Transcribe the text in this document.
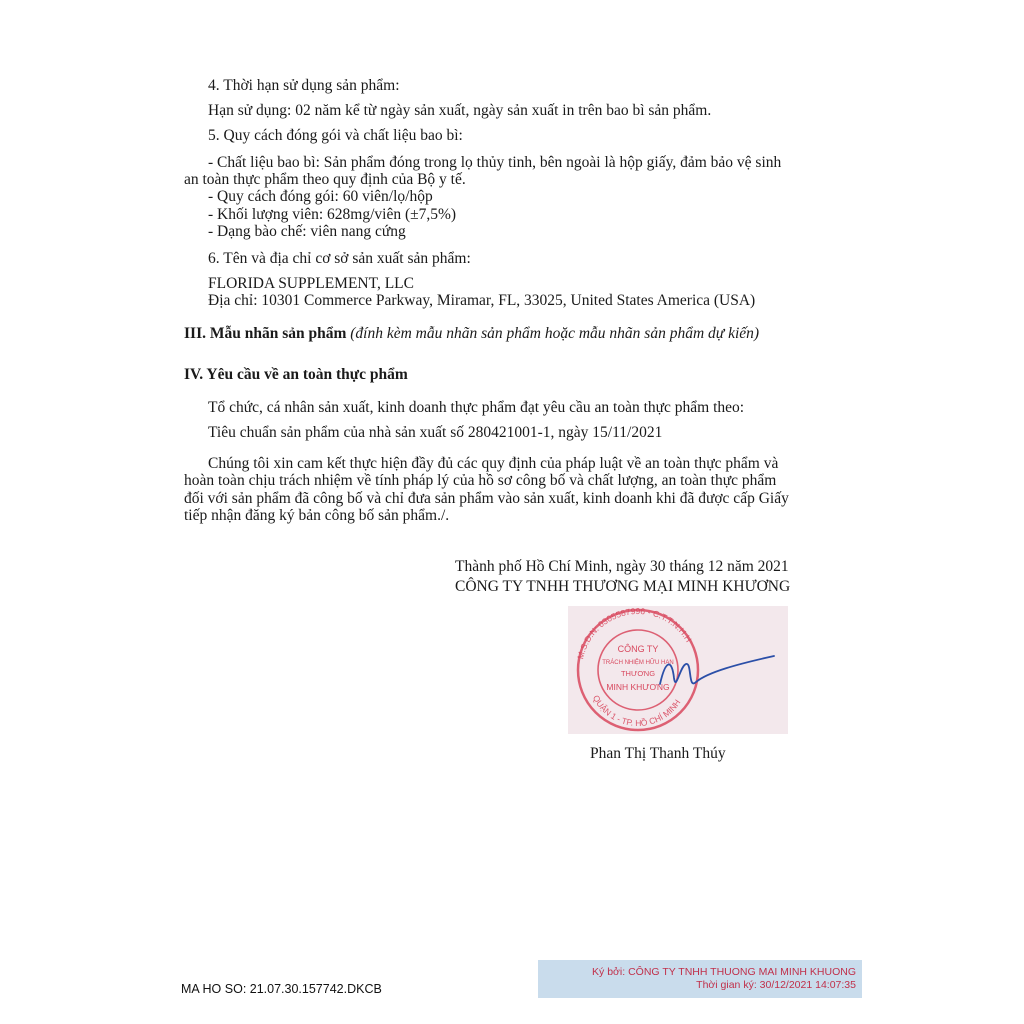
4. Thời hạn sử dụng sản phẩm:
Hạn sử dụng: 02 năm kể từ ngày sản xuất, ngày sản xuất in trên bao bì sản phẩm.
5. Quy cách đóng gói và chất liệu bao bì:
- Chất liệu bao bì: Sản phẩm đóng trong lọ thủy tinh, bên ngoài là hộp giấy, đảm bảo vệ sinh
an toàn thực phẩm theo quy định của Bộ y tế.
- Quy cách đóng gói: 60 viên/lọ/hộp
- Khối lượng viên: 628mg/viên (±7,5%)
- Dạng bào chế: viên nang cứng
6. Tên và địa chỉ cơ sở sản xuất sản phẩm:
FLORIDA SUPPLEMENT, LLC
Địa chỉ: 10301 Commerce Parkway, Miramar, FL, 33025, United States America (USA)
III. Mẫu nhãn sản phẩm (đính kèm mẫu nhãn sản phẩm hoặc mẫu nhãn sản phẩm dự kiến)
IV. Yêu cầu về an toàn thực phẩm
Tổ chức, cá nhân sản xuất, kinh doanh thực phẩm đạt yêu cầu an toàn thực phẩm theo:
Tiêu chuẩn sản phẩm của nhà sản xuất số 280421001-1, ngày 15/11/2021
Chúng tôi xin cam kết thực hiện đầy đủ các quy định của pháp luật về an toàn thực phẩm và
hoàn toàn chịu trách nhiệm về tính pháp lý của hồ sơ công bố và chất lượng, an toàn thực phẩm
đối với sản phẩm đã công bố và chỉ đưa sản phẩm vào sản xuất, kinh doanh khi đã được cấp Giấy
tiếp nhận đăng ký bản công bố sản phẩm./.
Thành phố Hồ Chí Minh, ngày 30 tháng 12 năm 2021
CÔNG TY TNHH THƯƠNG MẠI MINH KHƯƠNG
M.S.D.N: 0305587996 - C.T.T.N.H.H
QUẬN 1 - TP. HỒ CHÍ MINH
CÔNG TY
TRÁCH NHIỆM HỮU HẠN
THƯƠNG
MINH KHƯƠNG
Phan Thị Thanh Thúy
MA HO SO: 21.07.30.157742.DKCB
Ký bởi: CÔNG TY TNHH THUONG MAI MINH KHUONG
Thời gian ký: 30/12/2021 14:07:35
